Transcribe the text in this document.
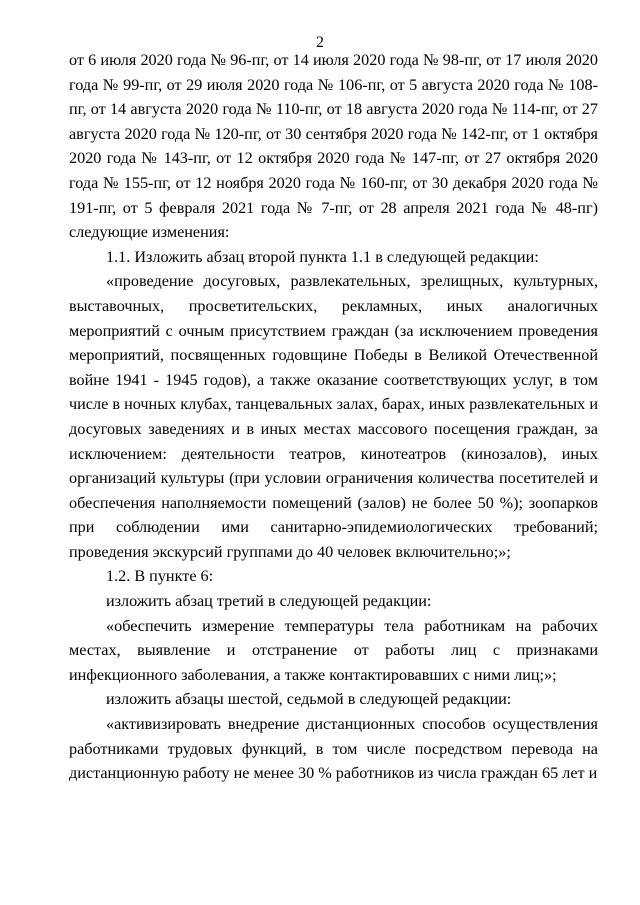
2

от 6 июля 2020 года № 96-пг, от 14 июля 2020 года № 98-пг, от 17 июля 2020 года № 99-пг, от 29 июля 2020 года № 106-пг, от 5 августа 2020 года № 108-пг, от 14 августа 2020 года № 110-пг, от 18 августа 2020 года № 114-пг, от 27 августа 2020 года № 120-пг, от 30 сентября 2020 года № 142-пг, от 1 октября 2020 года № 143-пг, от 12 октября 2020 года № 147-пг, от 27 октября 2020 года № 155-пг, от 12 ноября 2020 года № 160-пг, от 30 декабря 2020 года № 191-пг, от 5 февраля 2021 года № 7-пг, от 28 апреля 2021 года № 48-пг) следующие изменения:

1.1. Изложить абзац второй пункта 1.1 в следующей редакции:

«проведение досуговых, развлекательных, зрелищных, культурных, выставочных, просветительских, рекламных, иных аналогичных мероприятий с очным присутствием граждан (за исключением проведения мероприятий, посвященных годовщине Победы в Великой Отечественной войне 1941 - 1945 годов), а также оказание соответствующих услуг, в том числе в ночных клубах, танцевальных залах, барах, иных развлекательных и досуговых заведениях и в иных местах массового посещения граждан, за исключением: деятельности театров, кинотеатров (кинозалов), иных организаций культуры (при условии ограничения количества посетителей и обеспечения наполняемости помещений (залов) не более 50 %); зоопарков при соблюдении ими санитарно-эпидемиологических требований; проведения экскурсий группами до 40 человек включительно;»;

1.2. В пункте 6:

изложить абзац третий в следующей редакции:

«обеспечить измерение температуры тела работникам на рабочих местах, выявление и отстранение от работы лиц с признаками инфекционного заболевания, а также контактировавших с ними лиц;»;

изложить абзацы шестой, седьмой в следующей редакции:

«активизировать внедрение дистанционных способов осуществления работниками трудовых функций, в том числе посредством перевода на дистанционную работу не менее 30 % работников из числа граждан 65 лет и
